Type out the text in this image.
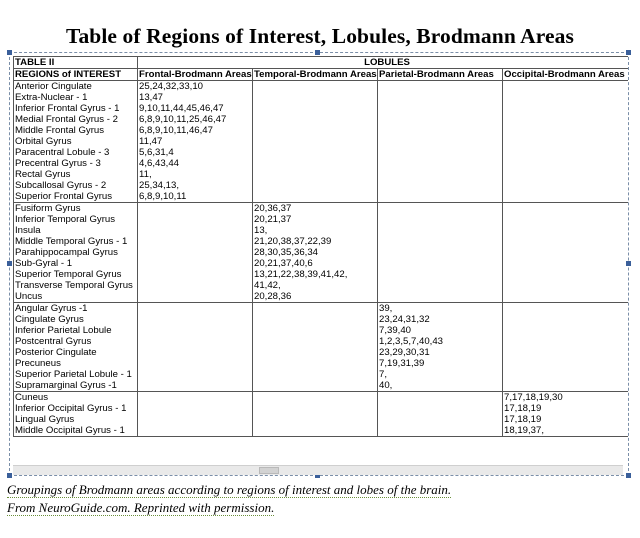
Table of Regions of Interest, Lobules, Brodmann Areas
TABLE II	LOBULES			
REGIONS of INTEREST	Frontal-Brodmann Areas	Temporal-Brodmann Areas	Parietal-Brodmann Areas	Occipital-Brodmann Areas
Anterior Cingulate	25,24,32,33,10			
Extra-Nuclear - 1	13,47			
Inferior Frontal Gyrus - 1	9,10,11,44,45,46,47			
Medial Frontal Gyrus - 2	6,8,9,10,11,25,46,47			
Middle Frontal Gyrus	6,8,9,10,11,46,47			
Orbital Gyrus	11,47			
Paracentral Lobule - 3	5,6,31,4			
Precentral Gyrus - 3	4,6,43,44			
Rectal Gyrus	11,			
Subcallosal Gyrus - 2	25,34,13,			
Superior Frontal Gyrus	6,8,9,10,11			
Fusiform Gyrus		20,36,37		
Inferior Temporal Gyrus		20,21,37		
Insula		13,		
Middle Temporal Gyrus - 1		21,20,38,37,22,39		
Parahippocampal Gyrus		28,30,35,36,34		
Sub-Gyral - 1		20,21,37,40,6		
Superior Temporal Gyrus		13,21,22,38,39,41,42,		
Transverse Temporal Gyrus		41,42,		
Uncus		20,28,36		
Angular Gyrus -1			39,	
Cingulate Gyrus			23,24,31,32	
Inferior Parietal Lobule			7,39,40	
Postcentral Gyrus			1,2,3,5,7,40,43	
Posterior Cingulate			23,29,30,31	
Precuneus			7,19,31,39	
Superior Parietal Lobule - 1			7,	
Supramarginal Gyrus -1			40,	
Cuneus				7,17,18,19,30
Inferior Occipital Gyrus - 1				17,18,19
Lingual Gyrus				17,18,19
Middle Occipital Gyrus - 1				18,19,37,
Groupings of Brodmann areas according to regions of interest and lobes of the brain.
From NeuroGuide.com. Reprinted with permission.
